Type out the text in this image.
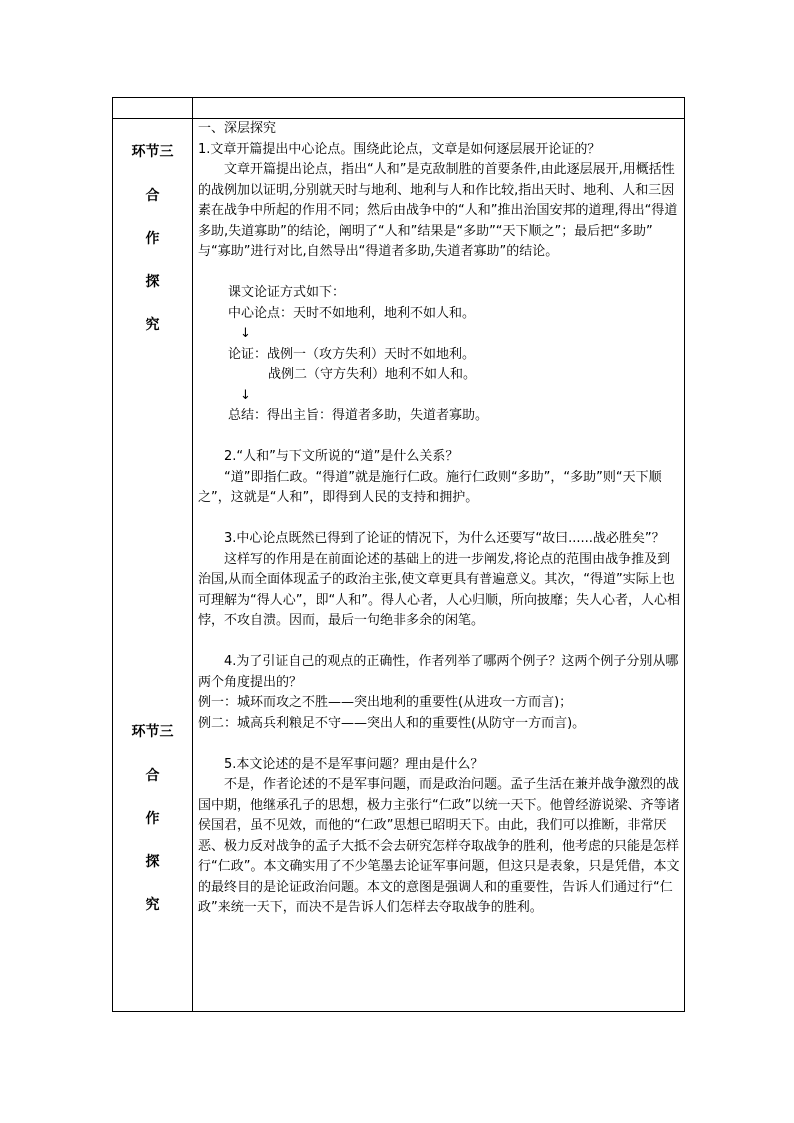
环节三
合
作
探
究
环节三
合
作
探
究

一、深层探究

1.文章开篇提出中心论点。围绕此论点，文章是如何逐层展开论证的？

文章开篇提出论点，指出“人和”是克敌制胜的首要条件,由此逐层展开,用概括性的战例加以证明,分别就天时与地利、地利与人和作比较,指出天时、地利、人和三因素在战争中所起的作用不同；然后由战争中的“人和”推出治国安邦的道理,得出“得道多助,失道寡助”的结论，阐明了“人和”结果是“多助”“天下顺之”；最后把“多助” 与“寡助”进行对比,自然导出“得道者多助,失道者寡助”的结论。

课文论证方式如下：

中心论点：天时不如地利，地利不如人和。

↓

论证：战例一（攻方失利）天时不如地利。

战例二（守方失利）地利不如人和。

↓

总结：得出主旨：得道者多助，失道者寡助。

2.“人和”与下文所说的“道”是什么关系？

“道”即指仁政。“得道”就是施行仁政。施行仁政则“多助”，“多助”则“天下顺之”，这就是“人和”，即得到人民的支持和拥护。

3.中心论点既然已得到了论证的情况下，为什么还要写“故曰......战必胜矣”？

这样写的作用是在前面论述的基础上的进一步阐发,将论点的范围由战争推及到治国,从而全面体现孟子的政治主张,使文章更具有普遍意义。其次，“得道”实际上也可理解为“得人心”，即“人和”。得人心者，人心归顺，所向披靡；失人心者，人心相悖，不攻自溃。因而，最后一句绝非多余的闲笔。

4.为了引证自己的观点的正确性，作者列举了哪两个例子？这两个例子分别从哪两个角度提出的？

例一：城环而攻之不胜——突出地利的重要性(从进攻一方而言)；

例二：城高兵利粮足不守——突出人和的重要性(从防守一方而言)。

5.本文论述的是不是军事问题？理由是什么？

不是，作者论述的不是军事问题，而是政治问题。孟子生活在兼并战争激烈的战国中期，他继承孔子的思想，极力主张行“仁政”以统一天下。他曾经游说梁、齐等诸侯国君，虽不见效，而他的“仁政”思想已昭明天下。由此，我们可以推断，非常厌恶、极力反对战争的孟子大抵不会去研究怎样夺取战争的胜利，他考虑的只能是怎样行“仁政”。本文确实用了不少笔墨去论证军事问题，但这只是表象，只是凭借，本文的最终目的是论证政治问题。本文的意图是强调人和的重要性，告诉人们通过行“仁政”来统一天下，而决不是告诉人们怎样去夺取战争的胜利。
